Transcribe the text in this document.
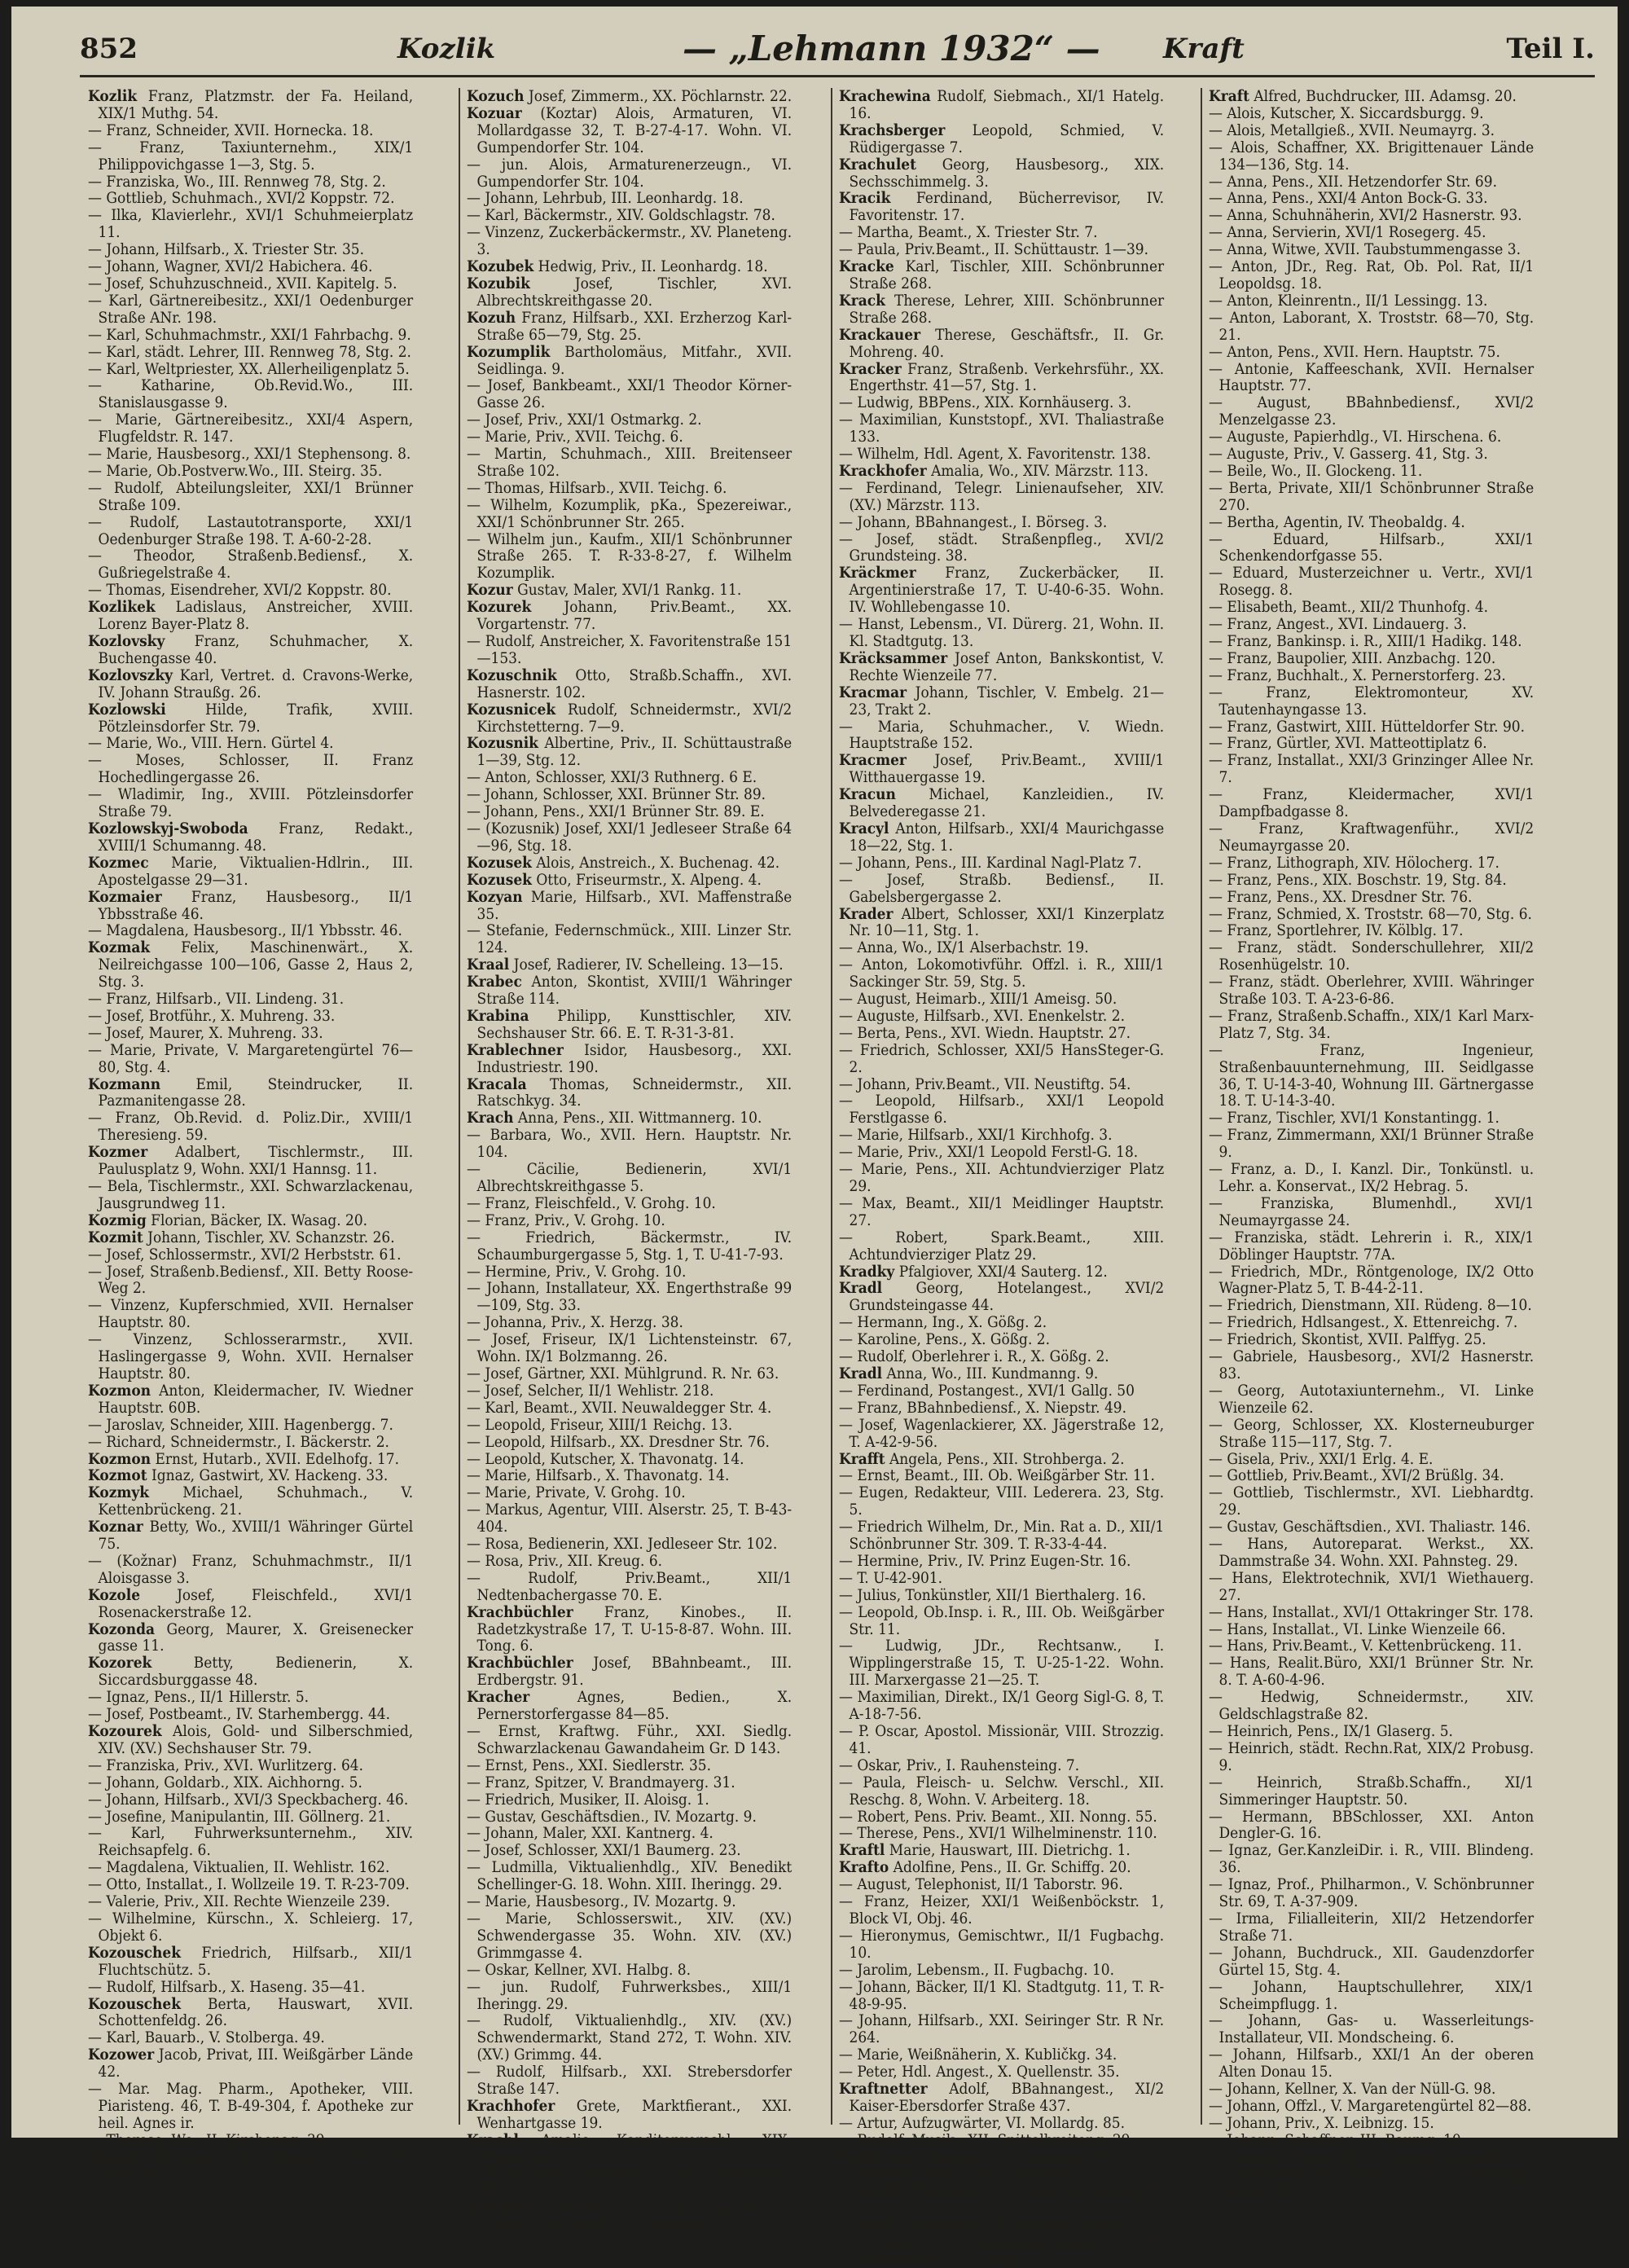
852	Kozlik	— „Lehmann 1932“ — Kraft	Teil I.
Kozlik Franz, Platzmstr. der Fa. Heiland, XIX/1 Muthg. 54.
— Franz, Schneider, XVII. Hornecka. 18.
— Franz, Taxiunternehm., XIX/1 Philippovichgasse 1—3, Stg. 5.
— Franziska, Wo., III. Rennweg 78, Stg. 2.
— Gottlieb, Schuhmach., XVI/2 Koppstr. 72.
— Ilka, Klavierlehr., XVI/1 Schuhmeierplatz 11.
— Johann, Hilfsarb., X. Triester Str. 35.
— Johann, Wagner, XVI/2 Habichera. 46.
— Josef, Schuhzuschneid., XVII. Kapitelg. 5.
— Karl, Gärtnereibesitz., XXI/1 Oedenburger Straße ANr. 198.
— Karl, Schuhmachmstr., XXI/1 Fahrbachg. 9.
— Karl, städt. Lehrer, III. Rennweg 78, Stg. 2.
— Karl, Weltpriester, XX. Allerheiligenplatz 5.
— Katharine, Ob.Revid.Wo., III. Stanislausgasse 9.
— Marie, Gärtnereibesitz., XXI/4 Aspern, Flugfeldstr. R. 147.
— Marie, Hausbesorg., XXI/1 Stephensong. 8.
— Marie, Ob.Postverw.Wo., III. Steirg. 35.
— Rudolf, Abteilungsleiter, XXI/1 Brünner Straße 109.
— Rudolf, Lastautotransporte, XXI/1 Oedenburger Straße 198. T. A-60-2-28.
— Theodor, Straßenb.Bediensf., X. Gußriegelstraße 4.
— Thomas, Eisendreher, XVI/2 Koppstr. 80.
Kozlikek Ladislaus, Anstreicher, XVIII. Lorenz Bayer-Platz 8.
Kozlovsky Franz, Schuhmacher, X. Buchengasse 40.
Kozlovszky Karl, Vertret. d. Cravons-Werke, IV. Johann Straußg. 26.
Kozlowski Hilde, Trafik, XVIII. Pötzleinsdorfer Str. 79.
— Marie, Wo., VIII. Hern. Gürtel 4.
— Moses, Schlosser, II. Franz Hochedlingergasse 26.
— Wladimir, Ing., XVIII. Pötzleinsdorfer Straße 79.
Kozlowskyj-Swoboda Franz, Redakt., XVIII/1 Schumanng. 48.
Kozmec Marie, Viktualien-Hdlrin., III. Apostelgasse 29—31.
Kozmaier Franz, Hausbesorg., II/1 Ybbsstraße 46.
— Magdalena, Hausbesorg., II/1 Ybbsstr. 46.
Kozmak Felix, Maschinenwärt., X. Neilreichgasse 100—106, Gasse 2, Haus 2, Stg. 3.
— Franz, Hilfsarb., VII. Lindeng. 31.
— Josef, Brotführ., X. Muhreng. 33.
— Josef, Maurer, X. Muhreng. 33.
— Marie, Private, V. Margaretengürtel 76—80, Stg. 4.
Kozmann Emil, Steindrucker, II. Pazmanitengasse 28.
— Franz, Ob.Revid. d. Poliz.Dir., XVIII/1 Theresieng. 59.
Kozmer Adalbert, Tischlermstr., III. Paulusplatz 9, Wohn. XXI/1 Hannsg. 11.
— Bela, Tischlermstr., XXI. Schwarzlackenau, Jausgrundweg 11.
Kozmig Florian, Bäcker, IX. Wasag. 20.
Kozmit Johann, Tischler, XV. Schanzstr. 26.
— Josef, Schlossermstr., XVI/2 Herbststr. 61.
— Josef, Straßenb.Bediensf., XII. Betty Roose-Weg 2.
— Vinzenz, Kupferschmied, XVII. Hernalser Hauptstr. 80.
— Vinzenz, Schlosserarmstr., XVII. Haslingergasse 9, Wohn. XVII. Hernalser Hauptstr. 80.
Kozmon Anton, Kleidermacher, IV. Wiedner Hauptstr. 60B.
— Jaroslav, Schneider, XIII. Hagenbergg. 7.
— Richard, Schneidermstr., I. Bäckerstr. 2.
Kozmon Ernst, Hutarb., XVII. Edelhofg. 17.
Kozmot Ignaz, Gastwirt, XV. Hackeng. 33.
Kozmyk Michael, Schuhmach., V. Kettenbrückeng. 21.
Koznar Betty, Wo., XVIII/1 Währinger Gürtel 75.
— (Kožnar) Franz, Schuhmachmstr., II/1 Aloisgasse 3.
Kozole Josef, Fleischfeld., XVI/1 Rosenackerstraße 12.
Kozonda Georg, Maurer, X. Greisenecker gasse 11.
Kozorek Betty, Bedienerin, X. Siccardsburggasse 48.
— Ignaz, Pens., II/1 Hillerstr. 5.
— Josef, Postbeamt., IV. Starhembergg. 44.
Kozourek Alois, Gold- und Silberschmied, XIV. (XV.) Sechshauser Str. 79.
— Franziska, Priv., XVI. Wurlitzerg. 64.
— Johann, Goldarb., XIX. Aichhorng. 5.
— Johann, Hilfsarb., XVI/3 Speckbacherg. 46.
— Josefine, Manipulantin, III. Göllnerg. 21.
— Karl, Fuhrwerksunternehm., XIV. Reichsapfelg. 6.
— Magdalena, Viktualien, II. Wehlistr. 162.
— Otto, Installat., I. Wollzeile 19. T. R-23-709.
— Valerie, Priv., XII. Rechte Wienzeile 239.
— Wilhelmine, Kürschn., X. Schleierg. 17, Objekt 6.
Kozouschek Friedrich, Hilfsarb., XII/1 Fluchtschütz. 5.
— Rudolf, Hilfsarb., X. Haseng. 35—41.
Kozouschek Berta, Hauswart, XVII. Schottenfeldg. 26.
— Karl, Bauarb., V. Stolberga. 49.
Kozower Jacob, Privat, III. Weißgärber Lände 42.
— Mar. Mag. Pharm., Apotheker, VIII. Piaristeng. 46, T. B-49-304, f. Apotheke zur heil. Agnes ir.
— Therese, Wo., II. Kirchenag. 39.
Kozsa Koloman, Priv.Angest., III. Ob. Viaductg. 26.
Kozuch Josef, Zimmerm., XX. Pöchlarnstr. 22.
Kozuar (Koztar) Alois, Armaturen, VI. Mollardgasse 32, T. B-27-4-17. Wohn. VI. Gumpendorfer Str. 104.
— jun. Alois, Armaturenerzeugn., VI. Gumpendorfer Str. 104.
— Johann, Lehrbub, III. Leonhardg. 18.
— Karl, Bäckermstr., XIV. Goldschlagstr. 78.
— Vinzenz, Zuckerbäckermstr., XV. Planeteng. 3.
Kozubek Hedwig, Priv., II. Leonhardg. 18.
Kozubik Josef, Tischler, XVI. Albrechtskreithgasse 20.
Kozuh Franz, Hilfsarb., XXI. Erzherzog Karl-Straße 65—79, Stg. 25.
Kozumplik Bartholomäus, Mitfahr., XVII. Seidlinga. 9.
— Josef, Bankbeamt., XXI/1 Theodor Körner-Gasse 26.
— Josef, Priv., XXI/1 Ostmarkg. 2.
— Marie, Priv., XVII. Teichg. 6.
— Martin, Schuhmach., XIII. Breitenseer Straße 102.
— Thomas, Hilfsarb., XVII. Teichg. 6.
— Wilhelm, Kozumplik, pKa., Spezereiwar., XXI/1 Schönbrunner Str. 265.
— Wilhelm jun., Kaufm., XII/1 Schönbrunner Straße 265. T. R-33-8-27, f. Wilhelm Kozumplik.
Kozur Gustav, Maler, XVI/1 Rankg. 11.
Kozurek Johann, Priv.Beamt., XX. Vorgartenstr. 77.
— Rudolf, Anstreicher, X. Favoritenstraße 151—153.
Kozuschnik Otto, Straßb.Schaffn., XVI. Hasnerstr. 102.
Kozusnicek Rudolf, Schneidermstr., XVI/2 Kirchstetterng. 7—9.
Kozusnik Albertine, Priv., II. Schüttaustraße 1—39, Stg. 12.
— Anton, Schlosser, XXI/3 Ruthnerg. 6 E.
— Johann, Schlosser, XXI. Brünner Str. 89.
— Johann, Pens., XXI/1 Brünner Str. 89. E.
— (Kozusnik) Josef, XXI/1 Jedleseer Straße 64—96, Stg. 18.
Kozusek Alois, Anstreich., X. Buchenag. 42.
Kozusek Otto, Friseurmstr., X. Alpeng. 4.
Kozyan Marie, Hilfsarb., XVI. Maffenstraße 35.
— Stefanie, Federnschmück., XIII. Linzer Str. 124.
Kraal Josef, Radierer, IV. Schelleing. 13—15.
Krabec Anton, Skontist, XVIII/1 Währinger Straße 114.
Krabina Philipp, Kunsttischler, XIV. Sechshauser Str. 66. E. T. R-31-3-81.
Krablechner Isidor, Hausbesorg., XXI. Industriestr. 190.
Kracala Thomas, Schneidermstr., XII. Ratschkyg. 34.
Krach Anna, Pens., XII. Wittmannerg. 10.
— Barbara, Wo., XVII. Hern. Hauptstr. Nr. 104.
— Cäcilie, Bedienerin, XVI/1 Albrechtskreithgasse 5.
— Franz, Fleischfeld., V. Grohg. 10.
— Franz, Priv., V. Grohg. 10.
— Friedrich, Bäckermstr., IV. Schaumburgergasse 5, Stg. 1, T. U-41-7-93.
— Hermine, Priv., V. Grohg. 10.
— Johann, Installateur, XX. Engerthstraße 99—109, Stg. 33.
— Johanna, Priv., X. Herzg. 38.
— Josef, Friseur, IX/1 Lichtensteinstr. 67, Wohn. IX/1 Bolzmanng. 26.
— Josef, Gärtner, XXI. Mühlgrund. R. Nr. 63.
— Josef, Selcher, II/1 Wehlistr. 218.
— Karl, Beamt., XVII. Neuwaldegger Str. 4.
— Leopold, Friseur, XIII/1 Reichg. 13.
— Leopold, Hilfsarb., XX. Dresdner Str. 76.
— Leopold, Kutscher, X. Thavonatg. 14.
— Marie, Hilfsarb., X. Thavonatg. 14.
— Marie, Private, V. Grohg. 10.
— Markus, Agentur, VIII. Alserstr. 25, T. B-43-404.
— Rosa, Bedienerin, XXI. Jedleseer Str. 102.
— Rosa, Priv., XII. Kreug. 6.
— Rudolf, Priv.Beamt., XII/1 Nedtenbachergasse 70. E.
Krachbüchler Franz, Kinobes., II. Radetzkystraße 17, T. U-15-8-87. Wohn. III. Tong. 6.
Krachbüchler Josef, BBahnbeamt., III. Erdbergstr. 91.
Kracher Agnes, Bedien., X. Pernerstorfergasse 84—85.
— Ernst, Kraftwg. Führ., XXI. Siedlg. Schwarzlackenau Gawandaheim Gr. D 143.
— Ernst, Pens., XXI. Siedlerstr. 35.
— Franz, Spitzer, V. Brandmayerg. 31.
— Friedrich, Musiker, II. Aloisg. 1.
— Gustav, Geschäftsdien., IV. Mozartg. 9.
— Johann, Maler, XXI. Kantnerg. 4.
— Josef, Schlosser, XXI/1 Baumerg. 23.
— Ludmilla, Viktualienhdlg., XIV. Benedikt Schellinger-G. 18. Wohn. XIII. Iheringg. 29.
— Marie, Hausbesorg., IV. Mozartg. 9.
— Marie, Schlosserswit., XIV. (XV.) Schwendergasse 35. Wohn. XIV. (XV.) Grimmgasse 4.
— Oskar, Kellner, XVI. Halbg. 8.
— jun. Rudolf, Fuhrwerksbes., XIII/1 Iheringg. 29.
— Rudolf, Viktualienhdlg., XIV. (XV.) Schwendermarkt, Stand 272, T. Wohn. XIV. (XV.) Grimmg. 44.
— Rudolf, Hilfsarb., XXI. Strebersdorfer Straße 147.
Krachhofer Grete, Marktfierant., XXI. Wenhartgasse 19.
Krachl Amalie, Kanditenverschl., XIX. Obkirchera. 26.
— Karl Josef, Priv.Beamt., XIX/1 Obkircherg. 26.
Krachler Elisabeth, Näher, VII. Burgg. 97.
— Josef, Schuhmstr., VI. Gfrornerg. 4.
Krachewina Rudolf, Siebmach., XI/1 Hatelg. 16.
Krachsberger Leopold, Schmied, V. Rüdigergasse 7.
Krachulet Georg, Hausbesorg., XIX. Sechsschimmelg. 3.
Kracik Ferdinand, Bücherrevisor, IV. Favoritenstr. 17.
— Martha, Beamt., X. Triester Str. 7.
— Paula, Priv.Beamt., II. Schüttaustr. 1—39.
Kracke Karl, Tischler, XIII. Schönbrunner Straße 268.
Krack Therese, Lehrer, XIII. Schönbrunner Straße 268.
Krackauer Therese, Geschäftsfr., II. Gr. Mohreng. 40.
Kracker Franz, Straßenb. Verkehrsführ., XX. Engerthstr. 41—57, Stg. 1.
— Ludwig, BBPens., XIX. Kornhäuserg. 3.
— Maximilian, Kunststopf., XVI. Thaliastraße 133.
— Wilhelm, Hdl. Agent, X. Favoritenstr. 138.
Krackhofer Amalia, Wo., XIV. Märzstr. 113.
— Ferdinand, Telegr. Linienaufseher, XIV. (XV.) Märzstr. 113.
— Johann, BBahnangest., I. Börseg. 3.
— Josef, städt. Straßenpfleg., XVI/2 Grundsteing. 38.
Kräckmer Franz, Zuckerbäcker, II. Argentinierstraße 17, T. U-40-6-35. Wohn. IV. Wohllebengasse 10.
— Hanst, Lebensm., VI. Dürerg. 21, Wohn. II. Kl. Stadtgutg. 13.
Kräcksammer Josef Anton, Bankskontist, V. Rechte Wienzeile 77.
Kracmar Johann, Tischler, V. Embelg. 21—23, Trakt 2.
— Maria, Schuhmacher., V. Wiedn. Hauptstraße 152.
Kracmer Josef, Priv.Beamt., XVIII/1 Witthauergasse 19.
Kracun Michael, Kanzleidien., IV. Belvederegasse 21.
Kracyl Anton, Hilfsarb., XXI/4 Maurichgasse 18—22, Stg. 1.
— Johann, Pens., III. Kardinal Nagl-Platz 7.
— Josef, Straßb. Bediensf., II. Gabelsbergergasse 2.
Krader Albert, Schlosser, XXI/1 Kinzerplatz Nr. 10—11, Stg. 1.
— Anna, Wo., IX/1 Alserbachstr. 19.
— Anton, Lokomotivführ. Offzl. i. R., XIII/1 Sackinger Str. 59, Stg. 5.
— August, Heimarb., XIII/1 Ameisg. 50.
— Auguste, Hilfsarb., XVI. Enenkelstr. 2.
— Berta, Pens., XVI. Wiedn. Hauptstr. 27.
— Friedrich, Schlosser, XXI/5 HansSteger-G. 2.
— Johann, Priv.Beamt., VII. Neustiftg. 54.
— Leopold, Hilfsarb., XXI/1 Leopold Ferstlgasse 6.
— Marie, Hilfsarb., XXI/1 Kirchhofg. 3.
— Marie, Priv., XXI/1 Leopold Ferstl-G. 18.
— Marie, Pens., XII. Achtundvierziger Platz 29.
— Max, Beamt., XII/1 Meidlinger Hauptstr. 27.
— Robert, Spark.Beamt., XIII. Achtundvierziger Platz 29.
Kradky Pfalgiover, XXI/4 Sauterg. 12.
Kradl Georg, Hotelangest., XVI/2 Grundsteingasse 44.
— Hermann, Ing., X. Gößg. 2.
— Karoline, Pens., X. Gößg. 2.
— Rudolf, Oberlehrer i. R., X. Gößg. 2.
Kradl Anna, Wo., III. Kundmanng. 9.
— Ferdinand, Postangest., XVI/1 Gallg. 50
— Franz, BBahnbediensf., X. Niepstr. 49.
— Josef, Wagenlackierer, XX. Jägerstraße 12, T. A-42-9-56.
Krafft Angela, Pens., XII. Strohberga. 2.
— Ernst, Beamt., III. Ob. Weißgärber Str. 11.
— Eugen, Redakteur, VIII. Lederera. 23, Stg. 5.
— Friedrich Wilhelm, Dr., Min. Rat a. D., XII/1 Schönbrunner Str. 309. T. R-33-4-44.
— Hermine, Priv., IV. Prinz Eugen-Str. 16.
— T. U-42-901.
— Julius, Tonkünstler, XII/1 Bierthalerg. 16.
— Leopold, Ob.Insp. i. R., III. Ob. Weißgärber Str. 11.
— Ludwig, JDr., Rechtsanw., I. Wipplingerstraße 15, T. U-25-1-22. Wohn. III. Marxergasse 21—25. T.
— Maximilian, Direkt., IX/1 Georg Sigl-G. 8, T. A-18-7-56.
— P. Oscar, Apostol. Missionär, VIII. Strozzig. 41.
— Oskar, Priv., I. Rauhensteing. 7.
— Paula, Fleisch- u. Selchw. Verschl., XII. Reschg. 8, Wohn. V. Arbeiterg. 18.
— Robert, Pens. Priv. Beamt., XII. Nonng. 55.
— Therese, Pens., XVI/1 Wilhelminenstr. 110.
Kraftl Marie, Hauswart, III. Dietrichg. 1.
Krafto Adolfine, Pens., II. Gr. Schiffg. 20.
— August, Telephonist, II/1 Taborstr. 96.
— Franz, Heizer, XXI/1 Weißenböckstr. 1, Block VI, Obj. 46.
— Hieronymus, Gemischtwr., II/1 Fugbachg. 10.
— Jarolim, Lebensm., II. Fugbachg. 10.
— Johann, Bäcker, II/1 Kl. Stadtgutg. 11, T. R-48-9-95.
— Johann, Hilfsarb., XXI. Seiringer Str. R Nr. 264.
— Marie, Weißnäherin, X. Kubličkg. 34.
— Peter, Hdl. Angest., X. Quellenstr. 35.
Kraftnetter Adolf, BBahnangest., XI/2 Kaiser-Ebersdorfer Straße 437.
— Artur, Aufzugwärter, VI. Mollardg. 85.
— Rudolf, Musik., XII. Spittelbreiteng. 29.
Kraft Adele, Bedien., II/1 Ahornga. 10.
— Adeline, Pens., XVI/1 Rosa-Weg 16.
— Adolf, BBAngest., XI. Klein Schwechat R. 437.
— Adolf, Hdlsangest., X. Stolzenthalerg. 24.
— Adolf, Schallplattenspezial., XV. Friesenplatz 1—2, Stiege 6
Kraft Alfred, Buchdrucker, III. Adamsg. 20.
— Alois, Kutscher, X. Siccardsburgg. 9.
— Alois, Metallgieß., XVII. Neumayrg. 3.
— Alois, Schaffner, XX. Brigittenauer Lände 134—136, Stg. 14.
— Anna, Pens., XII. Hetzendorfer Str. 69.
— Anna, Pens., XXI/4 Anton Bock-G. 33.
— Anna, Schuhnäherin, XVI/2 Hasnerstr. 93.
— Anna, Servierin, XVI/1 Rosegerg. 45.
— Anna, Witwe, XVII. Taubstummengasse 3.
— Anton, JDr., Reg. Rat, Ob. Pol. Rat, II/1 Leopoldsg. 18.
— Anton, Kleinrentn., II/1 Lessingg. 13.
— Anton, Laborant, X. Troststr. 68—70, Stg. 21.
— Anton, Pens., XVII. Hern. Hauptstr. 75.
— Antonie, Kaffeeschank, XVII. Hernalser Hauptstr. 77.
— August, BBahnbediensf., XVI/2 Menzelgasse 23.
— Auguste, Papierhdlg., VI. Hirschena. 6.
— Auguste, Priv., V. Gasserg. 41, Stg. 3.
— Beile, Wo., II. Glockeng. 11.
— Berta, Private, XII/1 Schönbrunner Straße 270.
— Bertha, Agentin, IV. Theobaldg. 4.
— Eduard, Hilfsarb., XXI/1 Schenkendorfgasse 55.
— Eduard, Musterzeichner u. Vertr., XVI/1 Rosegg. 8.
— Elisabeth, Beamt., XII/2 Thunhofg. 4.
— Franz, Angest., XVI. Lindauerg. 3.
— Franz, Bankinsp. i. R., XIII/1 Hadikg. 148.
— Franz, Baupolier, XIII. Anzbachg. 120.
— Franz, Buchhalt., X. Pernerstorferg. 23.
— Franz, Elektromonteur, XV. Tautenhayngasse 13.
— Franz, Gastwirt, XIII. Hütteldorfer Str. 90.
— Franz, Gürtler, XVI. Matteottiplatz 6.
— Franz, Installat., XXI/3 Grinzinger Allee Nr. 7.
— Franz, Kleidermacher, XVI/1 Dampfbadgasse 8.
— Franz, Kraftwagenführ., XVI/2 Neumayrgasse 20.
— Franz, Lithograph, XIV. Hölocherg. 17.
— Franz, Pens., XIX. Boschstr. 19, Stg. 84.
— Franz, Pens., XX. Dresdner Str. 76.
— Franz, Schmied, X. Troststr. 68—70, Stg. 6.
— Franz, Sportlehrer, IV. Kölblg. 17.
— Franz, städt. Sonderschullehrer, XII/2 Rosenhügelstr. 10.
— Franz, städt. Oberlehrer, XVIII. Währinger Straße 103. T. A-23-6-86.
— Franz, Straßenb.Schaffn., XIX/1 Karl Marx-Platz 7, Stg. 34.
— Franz, Ingenieur, Straßenbauunternehmung, III. Seidlgasse 36, T. U-14-3-40, Wohnung III. Gärtnergasse 18. T. U-14-3-40.
— Franz, Tischler, XVI/1 Konstantingg. 1.
— Franz, Zimmermann, XXI/1 Brünner Straße 9.
— Franz, a. D., I. Kanzl. Dir., Tonkünstl. u. Lehr. a. Konservat., IX/2 Hebrag. 5.
— Franziska, Blumenhdl., XVI/1 Neumayrgasse 24.
— Franziska, städt. Lehrerin i. R., XIX/1 Döblinger Hauptstr. 77A.
— Friedrich, MDr., Röntgenologe, IX/2 Otto Wagner-Platz 5, T. B-44-2-11.
— Friedrich, Dienstmann, XII. Rüdeng. 8—10.
— Friedrich, Hdlsangest., X. Ettenreichg. 7.
— Friedrich, Skontist, XVII. Palffyg. 25.
— Gabriele, Hausbesorg., XVI/2 Hasnerstr. 83.
— Georg, Autotaxiunternehm., VI. Linke Wienzeile 62.
— Georg, Schlosser, XX. Klosterneuburger Straße 115—117, Stg. 7.
— Gisela, Priv., XXI/1 Erlg. 4. E.
— Gottlieb, Priv.Beamt., XVI/2 Brüßlg. 34.
— Gottlieb, Tischlermstr., XVI. Liebhardtg. 29.
— Gustav, Geschäftsdien., XVI. Thaliastr. 146.
— Hans, Autoreparat. Werkst., XX. Dammstraße 34. Wohn. XXI. Pahnsteg. 29.
— Hans, Elektrotechnik, XVI/1 Wiethauerg. 27.
— Hans, Installat., XVI/1 Ottakringer Str. 178.
— Hans, Installat., VI. Linke Wienzeile 66.
— Hans, Priv.Beamt., V. Kettenbrückeng. 11.
— Hans, Realit.Büro, XXI/1 Brünner Str. Nr. 8. T. A-60-4-96.
— Hedwig, Schneidermstr., XIV. Geldschlagstraße 82.
— Heinrich, Pens., IX/1 Glaserg. 5.
— Heinrich, städt. Rechn.Rat, XIX/2 Probusg. 9.
— Heinrich, Straßb.Schaffn., XI/1 Simmeringer Hauptstr. 50.
— Hermann, BBSchlosser, XXI. Anton Dengler-G. 16.
— Ignaz, Ger.KanzleiDir. i. R., VIII. Blindeng. 36.
— Ignaz, Prof., Philharmon., V. Schönbrunner Str. 69, T. A-37-909.
— Irma, Filialleiterin, XII/2 Hetzendorfer Straße 71.
— Johann, Buchdruck., XII. Gaudenzdorfer Gürtel 15, Stg. 4.
— Johann, Hauptschullehrer, XIX/1 Scheimpflugg. 1.
— Johann, Gas- u. Wasserleitungs-Installateur, VII. Mondscheing. 6.
— Johann, Hilfsarb., XXI/1 An der oberen Alten Donau 15.
— Johann, Kellner, X. Van der Nüll-G. 98.
— Johann, Offzl., V. Margaretengürtel 82—88.
— Johann, Priv., X. Leibnizg. 15.
— Johann, Schaffner, III. Baumg. 10.
— Johann Kraft, pKa., Vieh-Kommishdl. III. Großmarkthalle, Wohn. XIX/1 Sieveringer Straße 98. T.
